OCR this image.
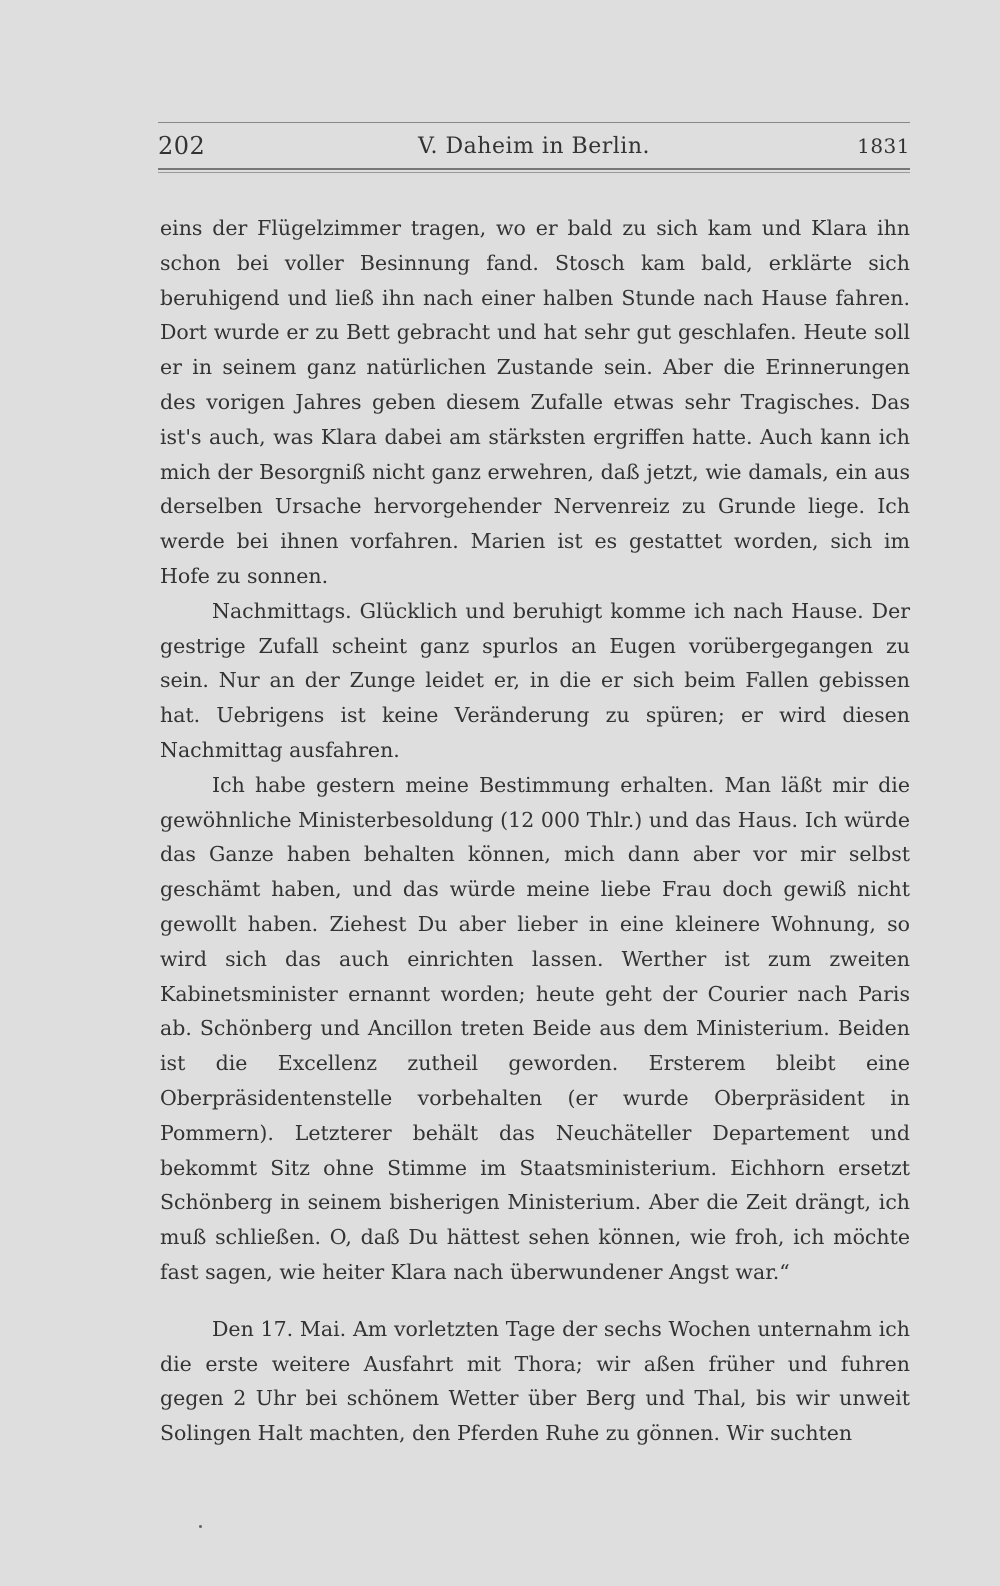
202	V. Daheim in Berlin.	1831

eins der Flügelzimmer tragen, wo er bald zu sich kam und Klara ihn schon bei voller Besinnung fand. Stosch kam bald, erklärte sich beruhigend und ließ ihn nach einer halben Stunde nach Hause fahren. Dort wurde er zu Bett gebracht und hat sehr gut geschlafen. Heute soll er in seinem ganz natürlichen Zustande sein. Aber die Erinnerungen des vorigen Jahres geben diesem Zufalle etwas sehr Tragisches. Das ist's auch, was Klara dabei am stärksten ergriffen hatte. Auch kann ich mich der Besorgniß nicht ganz erwehren, daß jetzt, wie damals, ein aus derselben Ursache hervorgehender Nervenreiz zu Grunde liege. Ich werde bei ihnen vorfahren. Marien ist es gestattet worden, sich im Hofe zu sonnen.

Nachmittags. Glücklich und beruhigt komme ich nach Hause. Der gestrige Zufall scheint ganz spurlos an Eugen vorübergegangen zu sein. Nur an der Zunge leidet er, in die er sich beim Fallen gebissen hat. Uebrigens ist keine Veränderung zu spüren; er wird diesen Nachmittag ausfahren.

Ich habe gestern meine Bestimmung erhalten. Man läßt mir die gewöhnliche Ministerbesoldung (12 000 Thlr.) und das Haus. Ich würde das Ganze haben behalten können, mich dann aber vor mir selbst geschämt haben, und das würde meine liebe Frau doch gewiß nicht gewollt haben. Ziehest Du aber lieber in eine kleinere Wohnung, so wird sich das auch einrichten lassen. Werther ist zum zweiten Kabinetsminister ernannt worden; heute geht der Courier nach Paris ab. Schönberg und Ancillon treten Beide aus dem Ministerium. Beiden ist die Excellenz zutheil geworden. Ersterem bleibt eine Oberpräsidentenstelle vorbehalten (er wurde Oberpräsident in Pommern). Letzterer behält das Neuchäteller Departement und bekommt Sitz ohne Stimme im Staatsministerium. Eichhorn ersetzt Schönberg in seinem bisherigen Ministerium. Aber die Zeit drängt, ich muß schließen. O, daß Du hättest sehen können, wie froh, ich möchte fast sagen, wie heiter Klara nach überwundener Angst war.“

Den 17. Mai. Am vorletzten Tage der sechs Wochen unternahm ich die erste weitere Ausfahrt mit Thora; wir aßen früher und fuhren gegen 2 Uhr bei schönem Wetter über Berg und Thal, bis wir unweit Solingen Halt machten, den Pferden Ruhe zu gönnen. Wir suchten
